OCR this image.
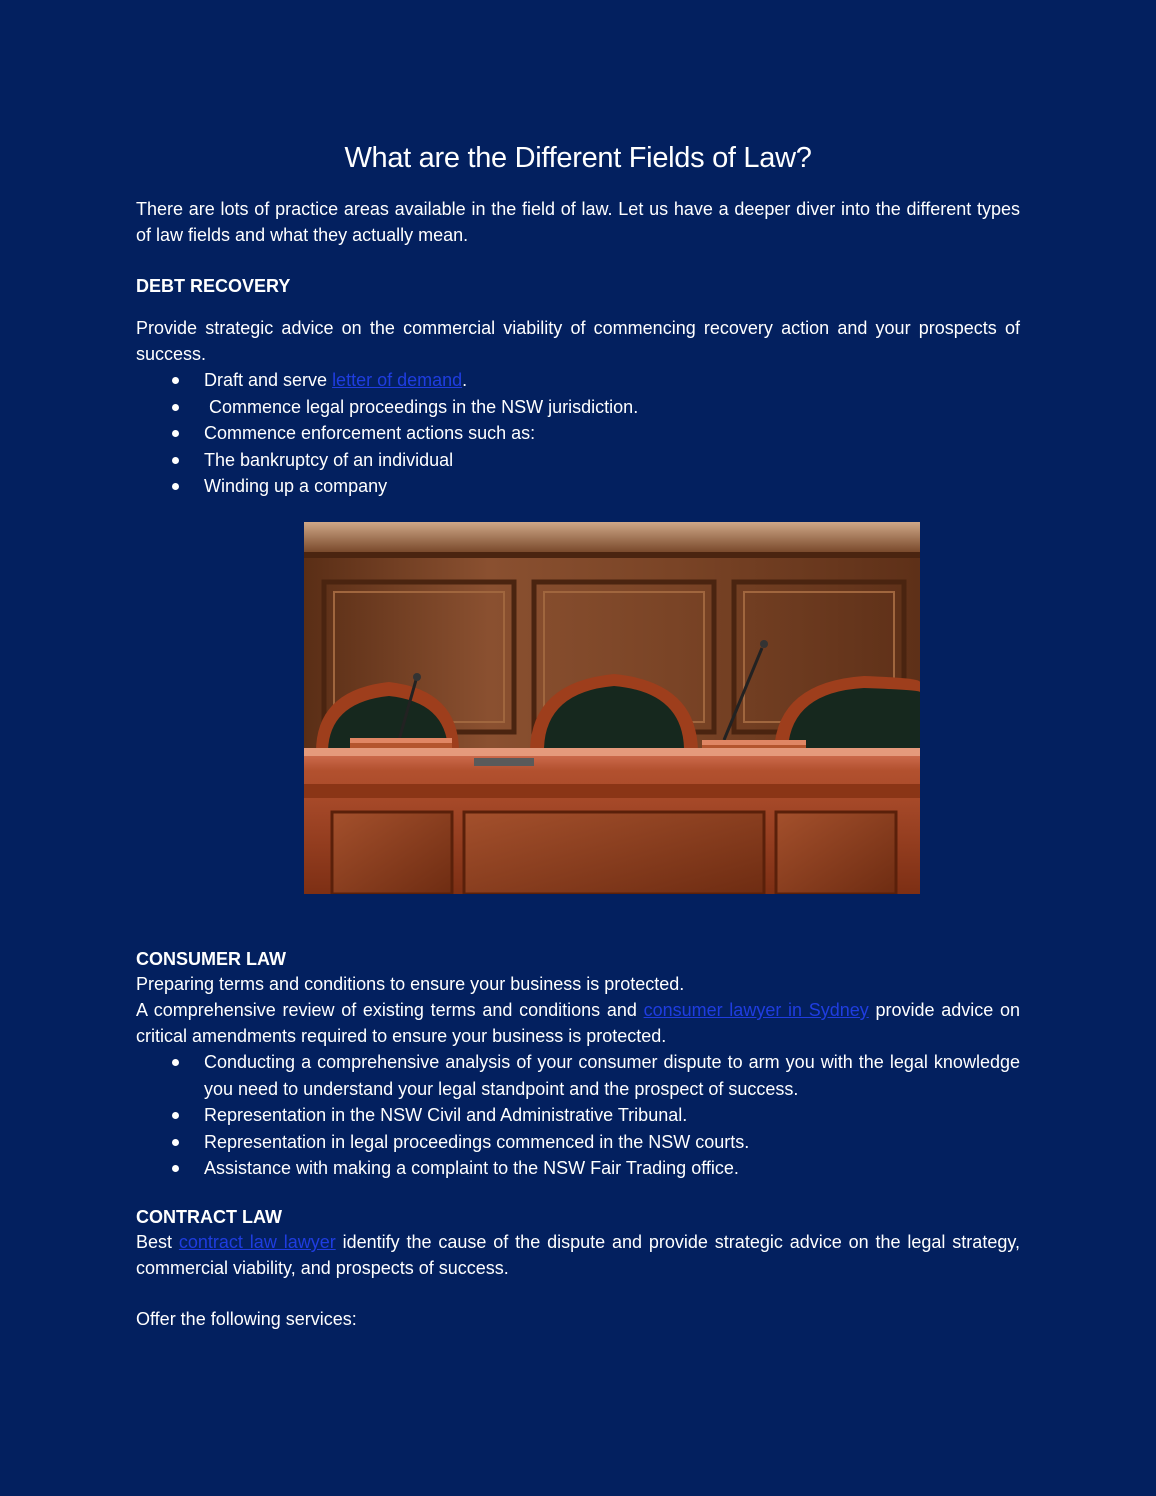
What are the Different Fields of Law?

There are lots of practice areas available in the field of law. Let us have a deeper diver into the different types of law fields and what they actually mean.

DEBT RECOVERY

Provide strategic advice on the commercial viability of commencing recovery action and your prospects of success.

Draft and serve letter of demand.
Commence legal proceedings in the NSW jurisdiction.
Commence enforcement actions such as:
The bankruptcy of an individual
Winding up a company

CONSUMER LAW

Preparing terms and conditions to ensure your business is protected.

A comprehensive review of existing terms and conditions and consumer lawyer in Sydney provide advice on critical amendments required to ensure your business is protected.

Conducting a comprehensive analysis of your consumer dispute to arm you with the legal knowledge you need to understand your legal standpoint and the prospect of success.
Representation in the NSW Civil and Administrative Tribunal.
Representation in legal proceedings commenced in the NSW courts.
Assistance with making a complaint to the NSW Fair Trading office.

CONTRACT LAW

Best contract law lawyer identify the cause of the dispute and provide strategic advice on the legal strategy, commercial viability, and prospects of success.

Offer the following services:
